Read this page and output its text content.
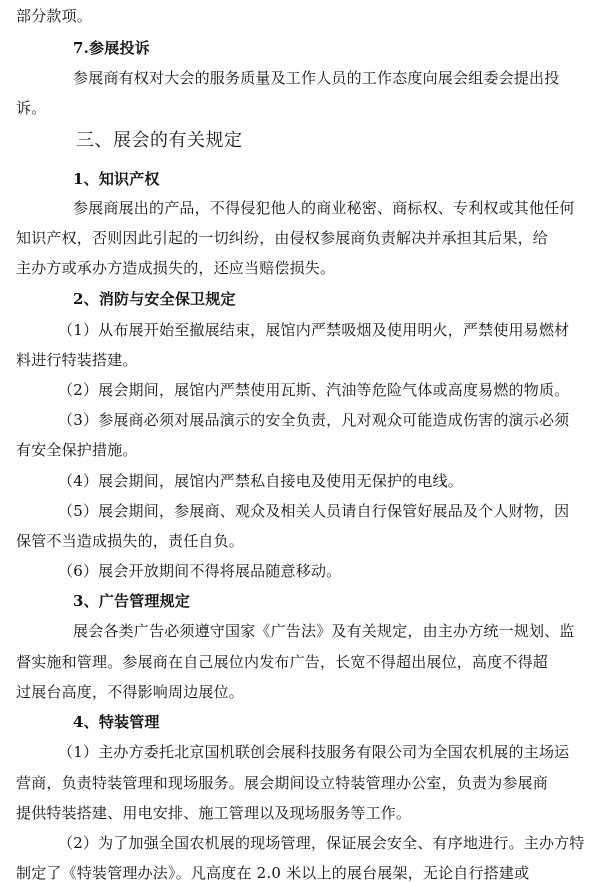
部分款项。
7.参展投诉
参展商有权对大会的服务质量及工作人员的工作态度向展会组委会提出投
诉。
三、展会的有关规定
1、知识产权
参展商展出的产品，不得侵犯他人的商业秘密、商标权、专利权或其他任何
知识产权，否则因此引起的一切纠纷，由侵权参展商负责解决并承担其后果，给
主办方或承办方造成损失的，还应当赔偿损失。
2、消防与安全保卫规定
（1）从布展开始至撤展结束，展馆内严禁吸烟及使用明火，严禁使用易燃材
料进行特装搭建。
（2）展会期间，展馆内严禁使用瓦斯、汽油等危险气体或高度易燃的物质。
（3）参展商必须对展品演示的安全负责，凡对观众可能造成伤害的演示必须
有安全保护措施。
（4）展会期间，展馆内严禁私自接电及使用无保护的电线。
（5）展会期间，参展商、观众及相关人员请自行保管好展品及个人财物，因
保管不当造成损失的，责任自负。
（6）展会开放期间不得将展品随意移动。
3、广告管理规定
展会各类广告必须遵守国家《广告法》及有关规定，由主办方统一规划、监
督实施和管理。参展商在自己展位内发布广告，长宽不得超出展位，高度不得超
过展台高度，不得影响周边展位。
4、特装管理
（1）主办方委托北京国机联创会展科技服务有限公司为全国农机展的主场运
营商，负责特装管理和现场服务。展会期间设立特装管理办公室，负责为参展商
提供特装搭建、用电安排、施工管理以及现场服务等工作。
（2）为了加强全国农机展的现场管理，保证展会安全、有序地进行。主办方特
制定了《特装管理办法》。凡高度在 2.0 米以上的展台展架，无论自行搭建或
